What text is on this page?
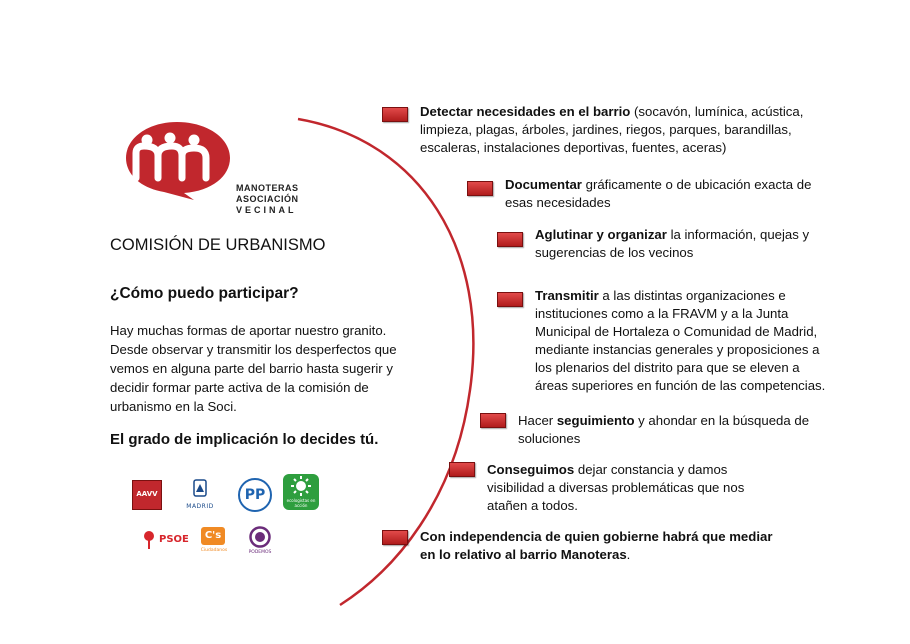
MANOTERAS
ASOCIACIÓN
VECINAL
COMISIÓN DE URBANISMO
¿Cómo puedo participar?
Hay muchas formas de aportar nuestro granito. Desde observar y transmitir los desperfectos que vemos en alguna parte del barrio hasta sugerir y decidir formar parte activa de la comisión de urbanismo en la Soci.
El grado de implicación lo decides tú.
Detectar necesidades en el barrio (socavón, lumínica, acústica, limpieza, plagas, árboles, jardines, riegos, parques, barandillas, escaleras, instalaciones deportivas, fuentes, aceras)
Documentar gráficamente o de ubicación exacta de esas necesidades
Aglutinar y organizar la información, quejas y sugerencias de los vecinos
Transmitir a las distintas organizaciones e instituciones como a la FRAVM y a la Junta Municipal de Hortaleza o Comunidad de Madrid, mediante instancias generales y proposiciones a los plenarios del distrito para que se eleven a áreas superiores en función de las competencias.
Hacer seguimiento y ahondar en la búsqueda de soluciones
Conseguimos dejar constancia y damos visibilidad a diversas problemáticas que nos atañen a todos.
Con independencia de quien gobierne habrá que mediar en lo relativo al barrio Manoteras.
AAVV
MADRID
PP	ecologistas en acción
PSOE	C's
Ciudadanos	PODEMOS
